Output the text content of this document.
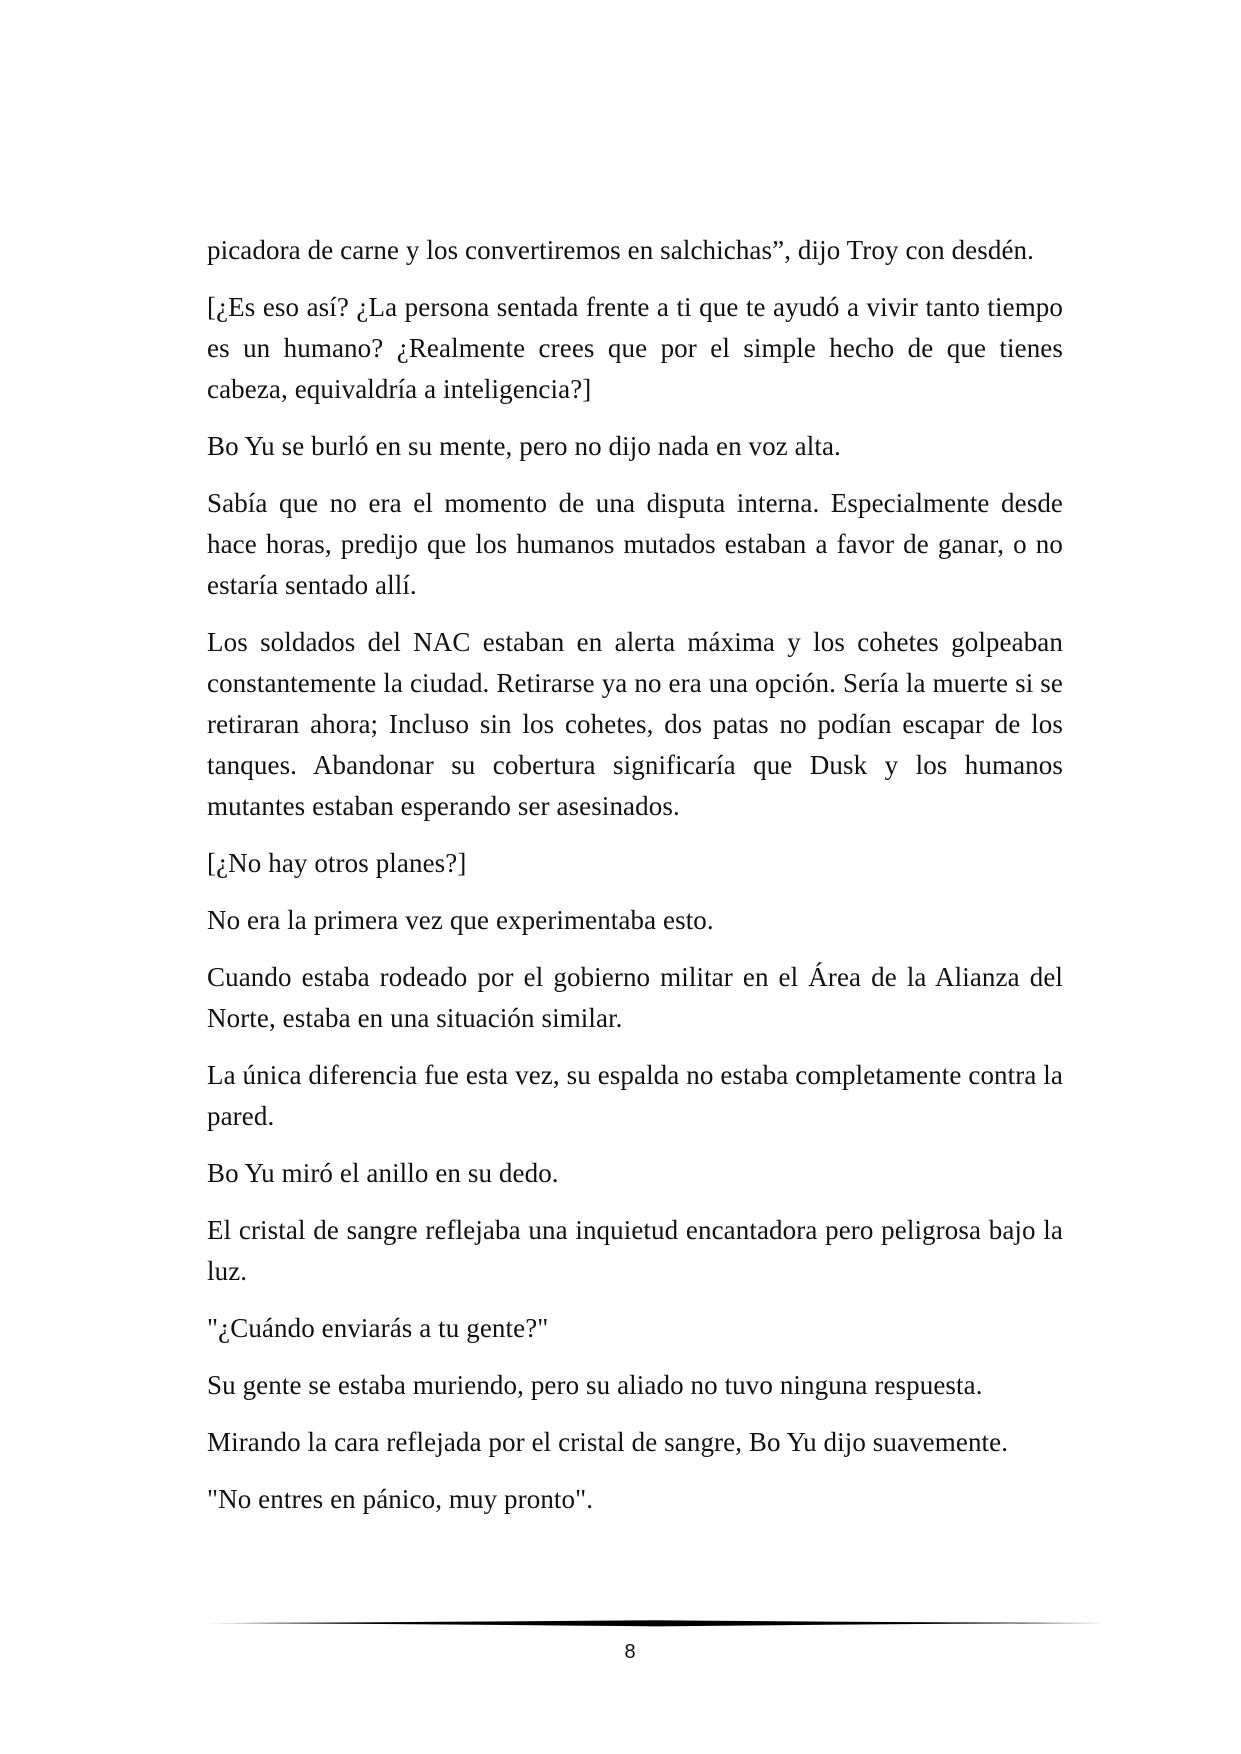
picadora de carne y los convertiremos en salchichas”, dijo Troy con desdén.

[¿Es eso así? ¿La persona sentada frente a ti que te ayudó a vivir tanto tiempo es un humano? ¿Realmente crees que por el simple hecho de que tienes cabeza, equivaldría a inteligencia?]

Bo Yu se burló en su mente, pero no dijo nada en voz alta.

Sabía que no era el momento de una disputa interna. Especialmente desde hace horas, predijo que los humanos mutados estaban a favor de ganar, o no estaría sentado allí.

Los soldados del NAC estaban en alerta máxima y los cohetes golpeaban constantemente la ciudad. Retirarse ya no era una opción. Sería la muerte si se retiraran ahora; Incluso sin los cohetes, dos patas no podían escapar de los tanques. Abandonar su cobertura significaría que Dusk y los humanos mutantes estaban esperando ser asesinados.

[¿No hay otros planes?]

No era la primera vez que experimentaba esto.

Cuando estaba rodeado por el gobierno militar en el Área de la Alianza del Norte, estaba en una situación similar.

La única diferencia fue esta vez, su espalda no estaba completamente contra la pared.

Bo Yu miró el anillo en su dedo.

El cristal de sangre reflejaba una inquietud encantadora pero peligrosa bajo la luz.

"¿Cuándo enviarás a tu gente?"

Su gente se estaba muriendo, pero su aliado no tuvo ninguna respuesta.

Mirando la cara reflejada por el cristal de sangre, Bo Yu dijo suavemente.

"No entres en pánico, muy pronto".

8
